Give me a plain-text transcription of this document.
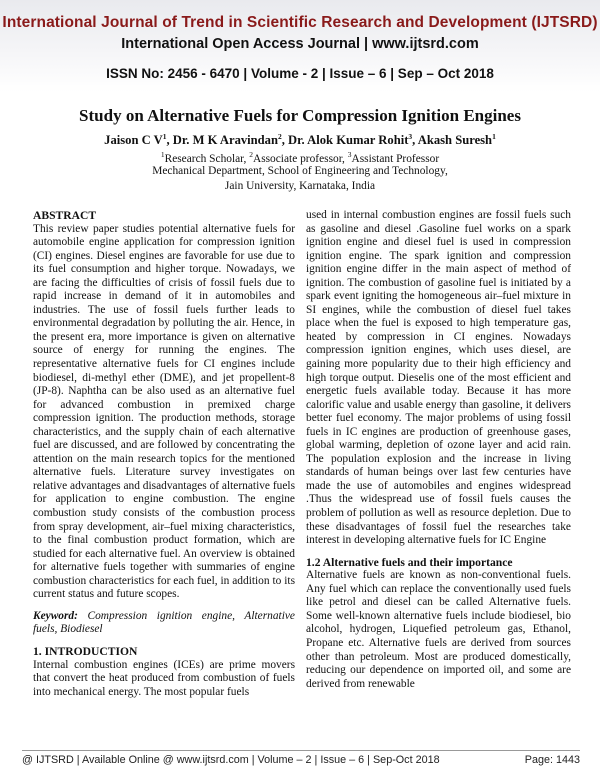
International Journal of Trend in Scientific Research and Development (IJTSRD)
International Open Access Journal | www.ijtsrd.com
ISSN No: 2456 - 6470 | Volume - 2 | Issue – 6 | Sep – Oct 2018
Study on Alternative Fuels for Compression Ignition Engines
Jaison C $V^1$, Dr. M K Aravindan$^2$, Dr. Alok Kumar Rohit$^3$, Akash Suresh$^1$
$^1$Research Scholar, $^2$Associate professor, $^3$Assistant Professor
Mechanical Department, School of Engineering and Technology,
Jain University, Karnataka, India

ABSTRACT

This review paper studies potential alternative fuels for automobile engine application for compression ignition (CI) engines. Diesel engines are favorable for use due to its fuel consumption and higher torque. Nowadays, we are facing the difficulties of crisis of fossil fuels due to rapid increase in demand of it in automobiles and industries. The use of fossil fuels further leads to environmental degradation by polluting the air. Hence, in the present era, more importance is given on alternative source of energy for running the engines. The representative alternative fuels for CI engines include biodiesel, di-methyl ether (DME), and jet propellent-8 (JP-8). Naphtha can be also used as an alternative fuel for advanced combustion in premixed charge compression ignition. The production methods, storage characteristics, and the supply chain of each alternative fuel are discussed, and are followed by concentrating the attention on the main research topics for the mentioned alternative fuels. Literature survey investigates on relative advantages and disadvantages of alternative fuels for application to engine combustion. The engine combustion study consists of the combustion process from spray development, air–fuel mixing characteristics, to the final combustion product formation, which are studied for each alternative fuel. An overview is obtained for alternative fuels together with summaries of engine combustion characteristics for each fuel, in addition to its current status and future scopes.

Keyword: Compression ignition engine, Alternative fuels, Biodiesel

1. INTRODUCTION

Internal combustion engines (ICEs) are prime movers that convert the heat produced from combustion of fuels into mechanical energy. The most popular fuels

used in internal combustion engines are fossil fuels such as gasoline and diesel .Gasoline fuel works on a spark ignition engine and diesel fuel is used in compression ignition engine. The spark ignition and compression ignition engine differ in the main aspect of method of ignition. The combustion of gasoline fuel is initiated by a spark event igniting the homogeneous air–fuel mixture in SI engines, while the combustion of diesel fuel takes place when the fuel is exposed to high temperature gas, heated by compression in CI engines. Nowadays compression ignition engines, which uses diesel, are gaining more popularity due to their high efficiency and high torque output. Dieselis one of the most efficient and energetic fuels available today. Because it has more calorific value and usable energy than gasoline, it delivers better fuel economy. The major problems of using fossil fuels in IC engines are production of greenhouse gases, global warming, depletion of ozone layer and acid rain. The population explosion and the increase in living standards of human beings over last few centuries have made the use of automobiles and engines widespread .Thus the widespread use of fossil fuels causes the problem of pollution as well as resource depletion. Due to these disadvantages of fossil fuel the researches take interest in developing alternative fuels for IC Engine

1.2 Alternative fuels and their importance

Alternative fuels are known as non-conventional fuels. Any fuel which can replace the conventionally used fuels like petrol and diesel can be called Alternative fuels. Some well-known alternative fuels include biodiesel, bio alcohol, hydrogen, Liquefied petroleum gas, Ethanol, Propane etc. Alternative fuels are derived from sources other than petroleum. Most are produced domestically, reducing our dependence on imported oil, and some are derived from renewable

@ IJTSRD | Available Online @ www.ijtsrd.com | Volume – 2 | Issue – 6 | Sep-Oct 2018	Page: 1443
